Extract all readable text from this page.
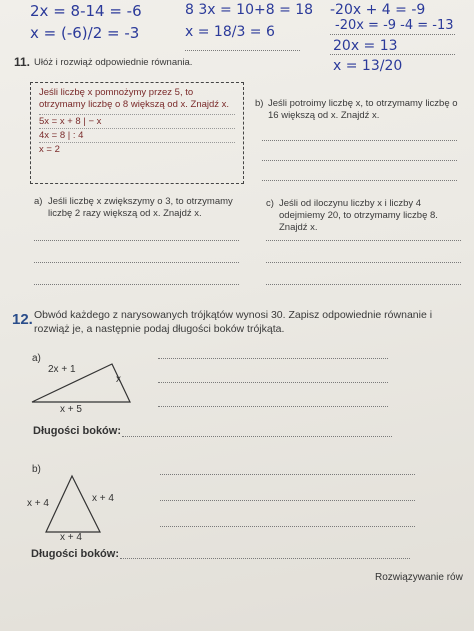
2x = 8-14 = -6
x = (-6)/2 = -3
8 3x = 10+8 = 18
x = 18/3 = 6
-20x + 4 = -9
-20x = -9 -4 = -13
20x = 13
x = 13/20
11. Ułóż i rozwiąż odpowiednie równania.

Jeśli liczbę x pomnożymy przez 5, to otrzymamy liczbę o 8 większą od x. Znajdź x.

5x = x + 8 | − x

4x = 8 | : 4

x = 2

b) Jeśli potroimy liczbę x, to otrzymamy liczbę o 16 większą od x. Znajdź x.
a) Jeśli liczbę x zwiększymy o 3, to otrzymamy liczbę 2 razy większą od x. Znajdź x.
c) Jeśli od iloczynu liczby x i liczby 4 odejmiemy 20, to otrzymamy liczbę 8. Znajdź x.
12. Obwód każdego z narysowanych trójkątów wynosi 30. Zapisz odpowiednie równanie i rozwiąż je, a następnie podaj długości boków trójkąta.
a)
2x + 1
x
x + 5
Długości boków:
b)
x + 4	x + 4
x + 4
Długości boków:
Rozwiązywanie rów
